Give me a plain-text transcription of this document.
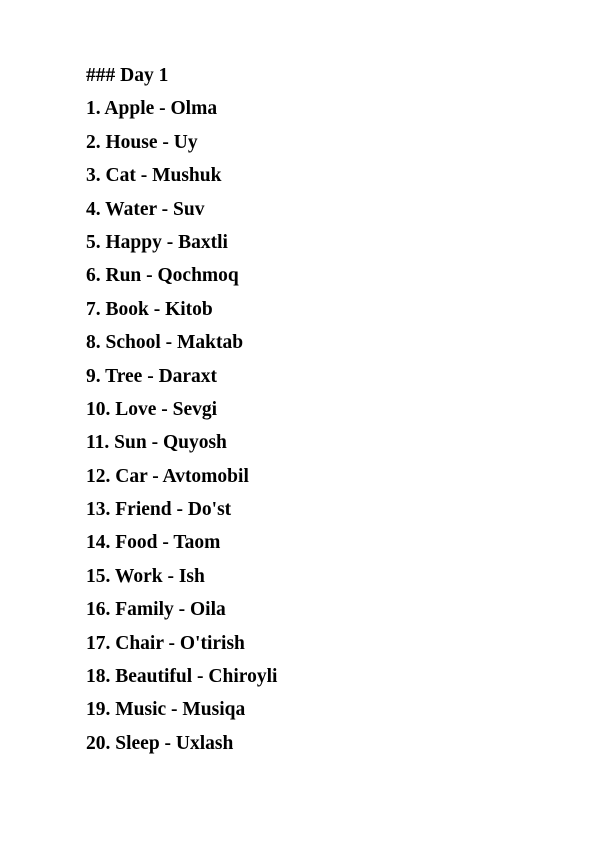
### Day 1
1. Apple - Olma
2. House - Uy
3. Cat - Mushuk
4. Water - Suv
5. Happy - Baxtli
6. Run - Qochmoq
7. Book - Kitob
8. School - Maktab
9. Tree - Daraxt
10. Love - Sevgi
11. Sun - Quyosh
12. Car - Avtomobil
13. Friend - Do'st
14. Food - Taom
15. Work - Ish
16. Family - Oila
17. Chair - O'tirish
18. Beautiful - Chiroyli
19. Music - Musiqa
20. Sleep - Uxlash
